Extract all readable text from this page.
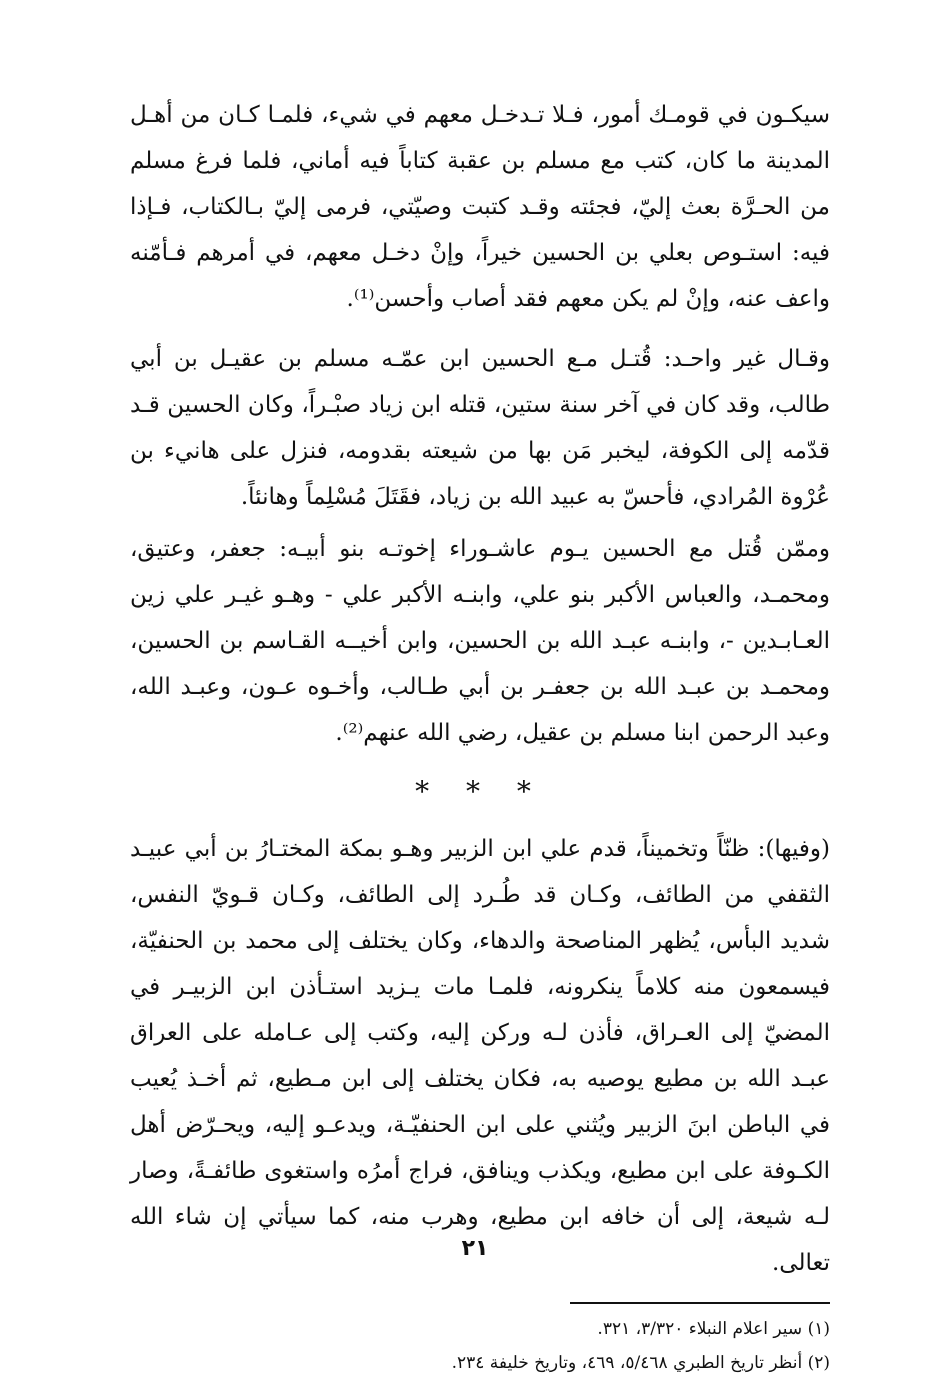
سيكـون في قومـك أمور، فـلا تـدخـل معهم في شيء، فلمـا كـان من أهـل المدينة ما كان، كتب مع مسلم بن عقبة كتاباً فيه أماني، فلما فرغ مسلم من الحـرَّة بعث إليّ، فجئته وقـد كتبت وصيّتي، فرمى إليّ بـالكتاب، فـإذا فيه: استـوص بعلي بن الحسين خيراً، وإنْ دخـل معهم، في أمرهم فـأمّنه واعف عنه، وإنْ لم يكن معهم فقد أصاب وأحسن⁽¹⁾.

وقـال غير واحـد: قُتـل مـع الحسين ابن عمّـه مسلم بن عقيـل بن أبي طالب، وقد كان في آخر سنة ستين، قتله ابن زياد صبْـراً، وكان الحسين قـد قدّمه إلى الكوفة، ليخبر مَن بها من شيعته بقدومه، فنزل على هانيء بن عُرْوة المُرادي، فأحسّ به عبيد الله بن زياد، فقَتَلَ مُسْلِماً وهانئاً.

وممّن قُتل مع الحسين يـوم عاشـوراء إخوتـه بنو أبيـه: جعفر، وعتيق، ومحمـد، والعباس الأكبر بنو علي، وابنـه الأكبر علي - وهـو غيـر علي زين العـابـدين -، وابنـه عبـد الله بن الحسين، وابن أخيــه القـاسم بن الحسين، ومحمـد بن عبـد الله بن جعفـر بن أبي طـالب، وأخـوه عـون، وعبـد الله، وعبد الرحمن ابنا مسلم بن عقيل، رضي الله عنهم⁽²⁾.

* * *

(وفيها): ظنّاً وتخميناً، قدم علي ابن الزبير وهـو بمكة المختـارُ بن أبي عبيـد الثقفي من الطائف، وكـان قد طُـرد إلى الطائف، وكـان قـويّ النفس، شديد البأس، يُظهر المناصحة والدهاء، وكان يختلف إلى محمد بن الحنفيّة، فيسمعون منه كلاماً ينكرونه، فلمـا مات يـزيد استـأذن ابن الزبيـر في المضيّ إلى العـراق، فأذن لـه وركن إليه، وكتب إلى عـامله على العراق عبـد الله بن مطيع يوصيه به، فكان يختلف إلى ابن مـطيع، ثم أخـذ يُعيب في الباطن ابنَ الزبير ويُثني على ابن الحنفيّـة، ويدعـو إليه، ويحـرّض أهل الكـوفة على ابن مطيع، ويكذب وينافق، فراج أمرُه واستغوى طائفـةً، وصار لـه شيعة، إلى أن خافه ابن مطيع، وهرب منه، كما سيأتي إن شاء الله تعالى.

(١) سير اعلام النبلاء ٣/٣٢٠، ٣٢١.

(٢) أنظر تاريخ الطبري ٥/٤٦٨، ٤٦٩، وتاريخ خليفة ٢٣٤.

٢١
